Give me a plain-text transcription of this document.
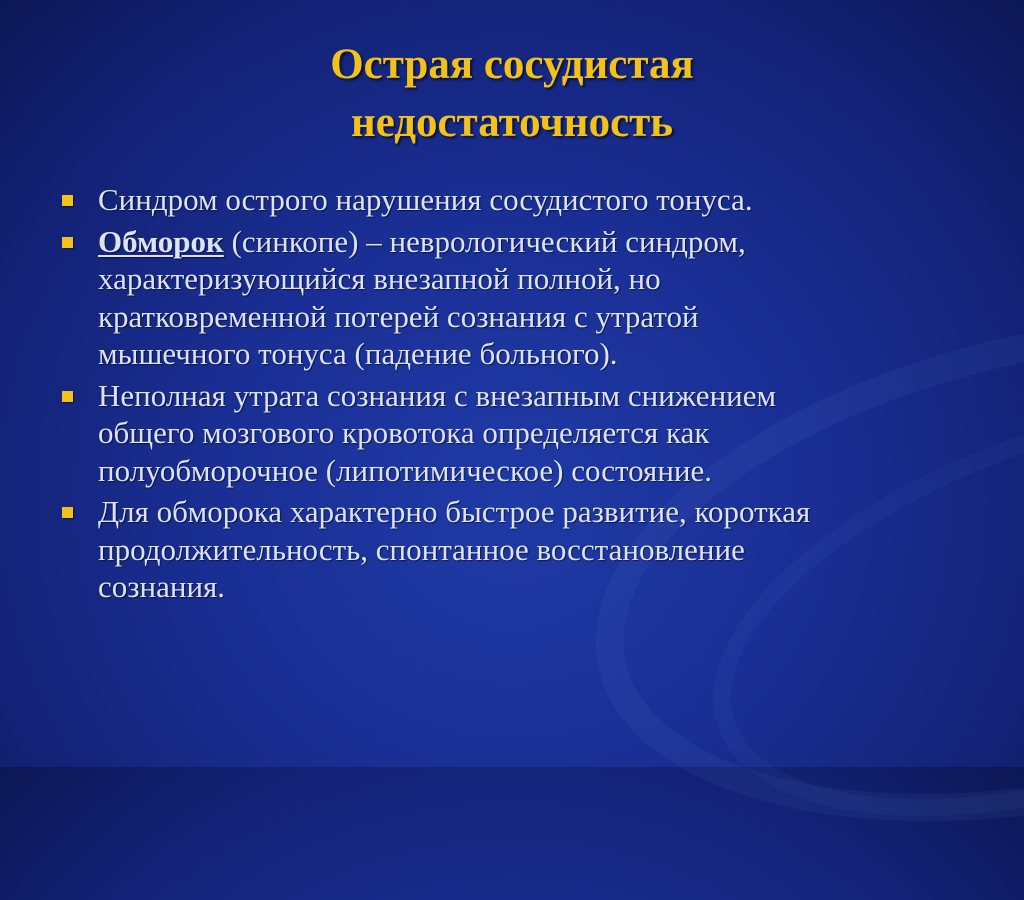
Острая сосудистая
недостаточность
Синдром острого нарушения сосудистого тонуса.
Обморок (синкопе) – неврологический синдром,
характеризующийся внезапной полной, но
кратковременной потерей сознания с утратой
мышечного тонуса (падение больного).
Неполная утрата сознания с внезапным снижением
общего мозгового кровотока определяется как
полуобморочное (липотимическое) состояние.
Для обморока характерно быстрое развитие, короткая
продолжительность, спонтанное восстановление
сознания.
